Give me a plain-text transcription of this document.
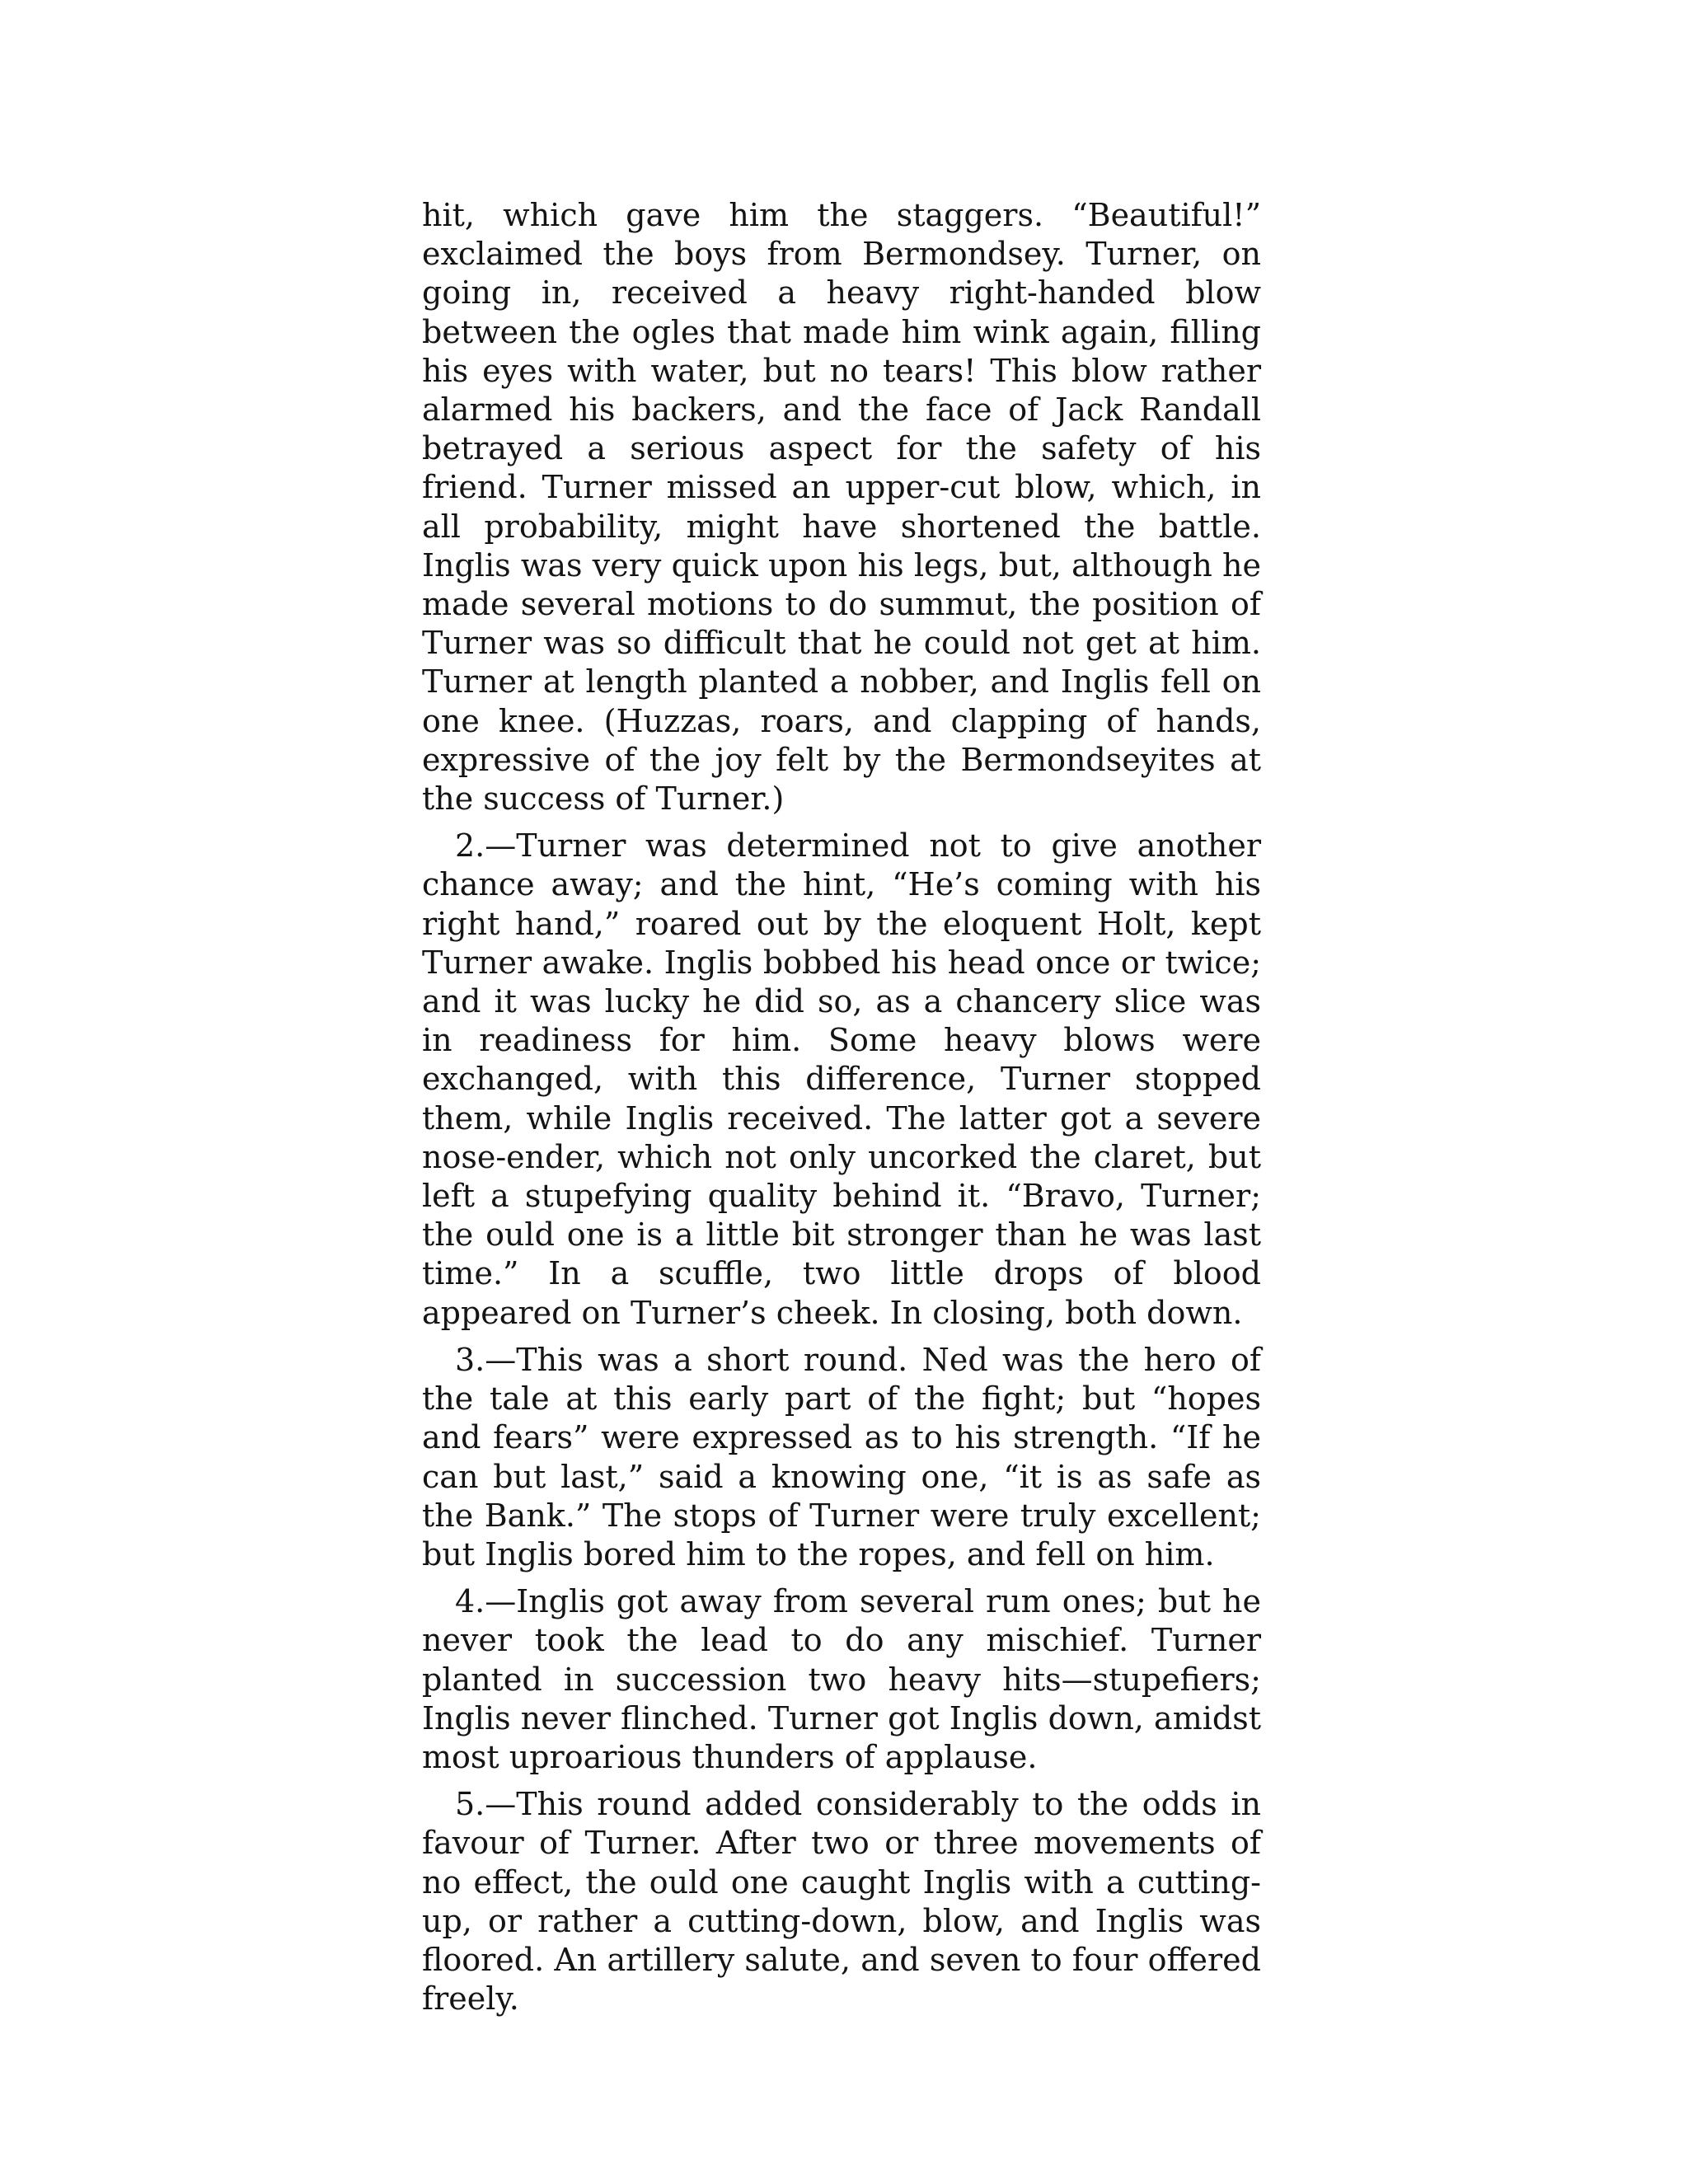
hit, which gave him the staggers. “Beautiful!” exclaimed the boys from Bermondsey. Turner, on going in, received a heavy right-handed blow between the ogles that made him wink again, filling his eyes with water, but no tears! This blow rather alarmed his backers, and the face of Jack Randall betrayed a serious aspect for the safety of his friend. Turner missed an upper-cut blow, which, in all probability, might have shortened the battle. Inglis was very quick upon his legs, but, although he made several motions to do summut, the position of Turner was so difficult that he could not get at him. Turner at length planted a nobber, and Inglis fell on one knee. (Huzzas, roars, and clapping of hands, expressive of the joy felt by the Bermondseyites at the success of Turner.)

2.—Turner was determined not to give another chance away; and the hint, “He’s coming with his right hand,” roared out by the eloquent Holt, kept Turner awake. Inglis bobbed his head once or twice; and it was lucky he did so, as a chancery slice was in readiness for him. Some heavy blows were exchanged, with this difference, Turner stopped them, while Inglis received. The latter got a severe nose-ender, which not only uncorked the claret, but left a stupefying quality behind it. “Bravo, Turner; the ould one is a little bit stronger than he was last time.” In a scuffle, two little drops of blood appeared on Turner’s cheek. In closing, both down.

3.—This was a short round. Ned was the hero of the tale at this early part of the fight; but “hopes and fears” were expressed as to his strength. “If he can but last,” said a knowing one, “it is as safe as the Bank.” The stops of Turner were truly excellent; but Inglis bored him to the ropes, and fell on him.

4.—Inglis got away from several rum ones; but he never took the lead to do any mischief. Turner planted in succession two heavy hits—stupefiers; Inglis never flinched. Turner got Inglis down, amidst most uproarious thunders of applause.

5.—This round added considerably to the odds in favour of Turner. After two or three movements of no effect, the ould one caught Inglis with a cutting-up, or rather a cutting-down, blow, and Inglis was floored. An artillery salute, and seven to four offered freely.
